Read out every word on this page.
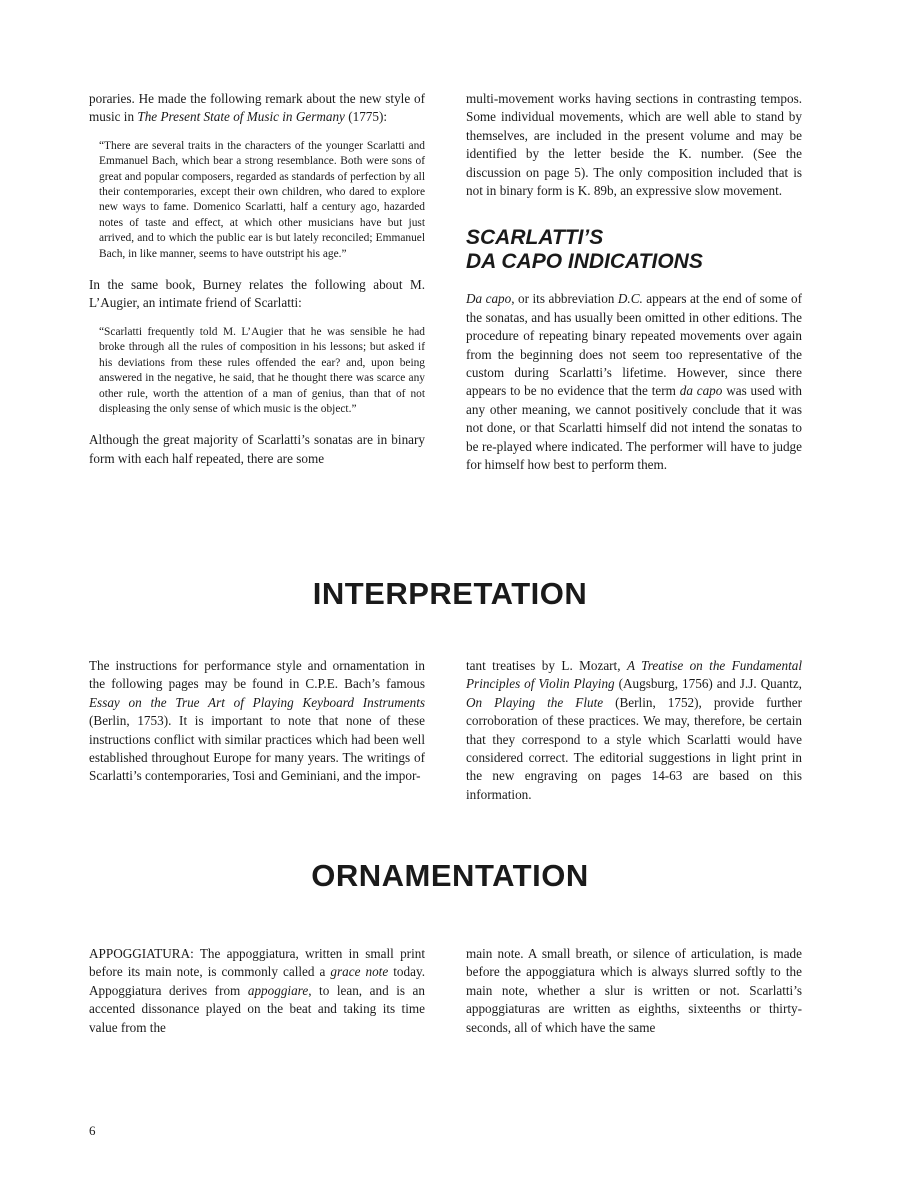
poraries. He made the following remark about the new style of music in The Present State of Music in Germany (1775):

“There are several traits in the characters of the younger Scarlatti and Emmanuel Bach, which bear a strong resemblance. Both were sons of great and popular composers, regarded as standards of perfection by all their contemporaries, except their own children, who dared to explore new ways to fame. Domenico Scarlatti, half a century ago, hazarded notes of taste and effect, at which other musicians have but just arrived, and to which the public ear is but lately reconciled; Emmanuel Bach, in like manner, seems to have outstript his age.”

In the same book, Burney relates the following about M. L’Augier, an intimate friend of Scarlatti:

“Scarlatti frequently told M. L’Augier that he was sensible he had broke through all the rules of composition in his lessons; but asked if his deviations from these rules offended the ear? and, upon being answered in the negative, he said, that he thought there was scarce any other rule, worth the attention of a man of genius, than that of not displeasing the only sense of which music is the object.”

Although the great majority of Scarlatti’s sonatas are in binary form with each half repeated, there are some

multi-movement works having sections in contrasting tempos. Some individual movements, which are well able to stand by themselves, are included in the present volume and may be identified by the letter beside the K. number. (See the discussion on page 5). The only composition included that is not in binary form is K. 89b, an expressive slow movement.

SCARLATTI’S
DA CAPO INDICATIONS

Da capo, or its abbreviation D.C. appears at the end of some of the sonatas, and has usually been omitted in other editions. The procedure of repeating binary repeated movements over again from the beginning does not seem too representative of the custom during Scarlatti’s lifetime. However, since there appears to be no evidence that the term da capo was used with any other meaning, we cannot positively conclude that it was not done, or that Scarlatti himself did not intend the sonatas to be re-played where indicated. The performer will have to judge for himself how best to perform them.

INTERPRETATION

The instructions for performance style and ornamentation in the following pages may be found in C.P.E. Bach’s famous Essay on the True Art of Playing Keyboard Instruments (Berlin, 1753). It is important to note that none of these instructions conflict with similar practices which had been well established throughout Europe for many years. The writings of Scarlatti’s contemporaries, Tosi and Geminiani, and the impor-

tant treatises by L. Mozart, A Treatise on the Fundamental Principles of Violin Playing (Augsburg, 1756) and J.J. Quantz, On Playing the Flute (Berlin, 1752), provide further corroboration of these practices. We may, therefore, be certain that they correspond to a style which Scarlatti would have considered correct. The editorial suggestions in light print in the new engraving on pages 14-63 are based on this information.

ORNAMENTATION

APPOGGIATURA: The appoggiatura, written in small print before its main note, is commonly called a grace note today. Appoggiatura derives from appoggiare, to lean, and is an accented dissonance played on the beat and taking its time value from the

main note. A small breath, or silence of articulation, is made before the appoggiatura which is always slurred softly to the main note, whether a slur is written or not. Scarlatti’s appoggiaturas are written as eighths, sixteenths or thirty-seconds, all of which have the same

6
